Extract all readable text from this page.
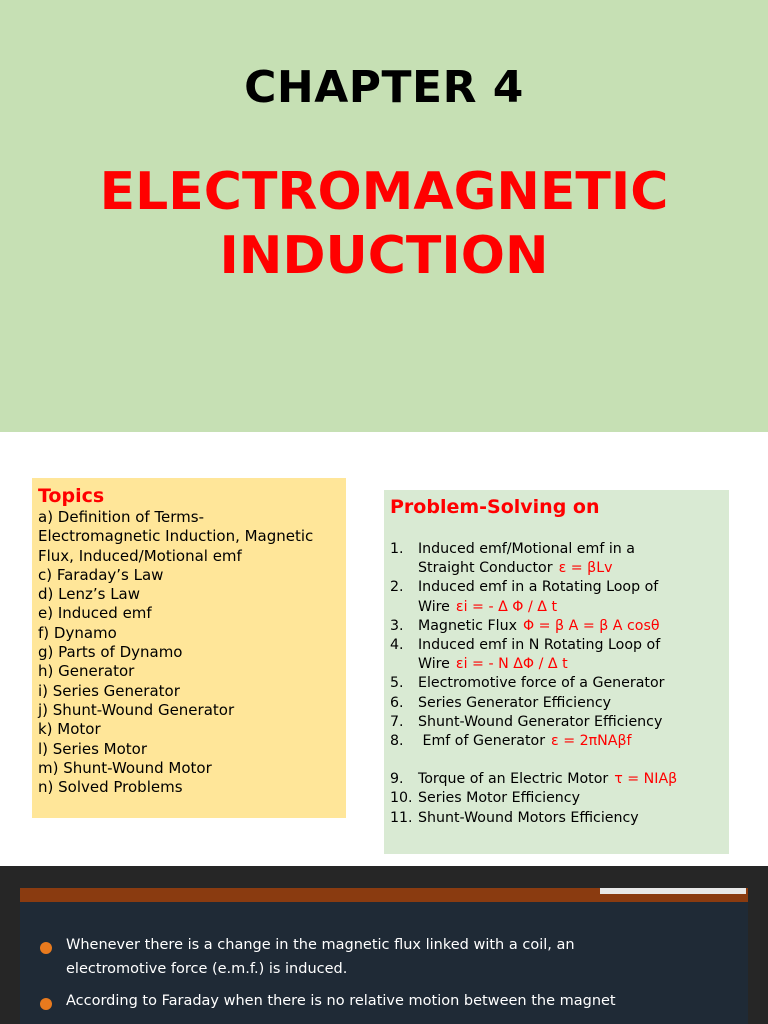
CHAPTER 4
ELECTROMAGNETIC
INDUCTION
Topics
a) Definition of Terms-
Electromagnetic Induction, Magnetic
Flux, Induced/Motional emf
c) Faraday’s Law
d) Lenz’s Law
e) Induced emf
f) Dynamo
g) Parts of Dynamo
h) Generator
i) Series Generator
j) Shunt-Wound Generator
k) Motor
l) Series Motor
m) Shunt-Wound Motor
n) Solved Problems
Problem-Solving on
1. Induced emf/Motional emf in a
Straight Conductor ε = βLv
2. Induced emf in a Rotating Loop of
Wire εi = - Δ Φ / Δ t
3. Magnetic Flux Φ = β A = β A cosθ
4. Induced emf in N Rotating Loop of
Wire εi = - N ΔΦ / Δ t
5. Electromotive force of a Generator
6. Series Generator Efficiency
7. Shunt-Wound Generator Efficiency
8. Emf of Generator ε = 2πNAβf
9. Torque of an Electric Motor τ = NIAβ
10. Series Motor Efficiency
11. Shunt-Wound Motors Efficiency
Whenever there is a change in the magnetic flux linked with a coil, an
electromotive force (e.m.f.) is induced.
According to Faraday when there is no relative motion between the magnet
